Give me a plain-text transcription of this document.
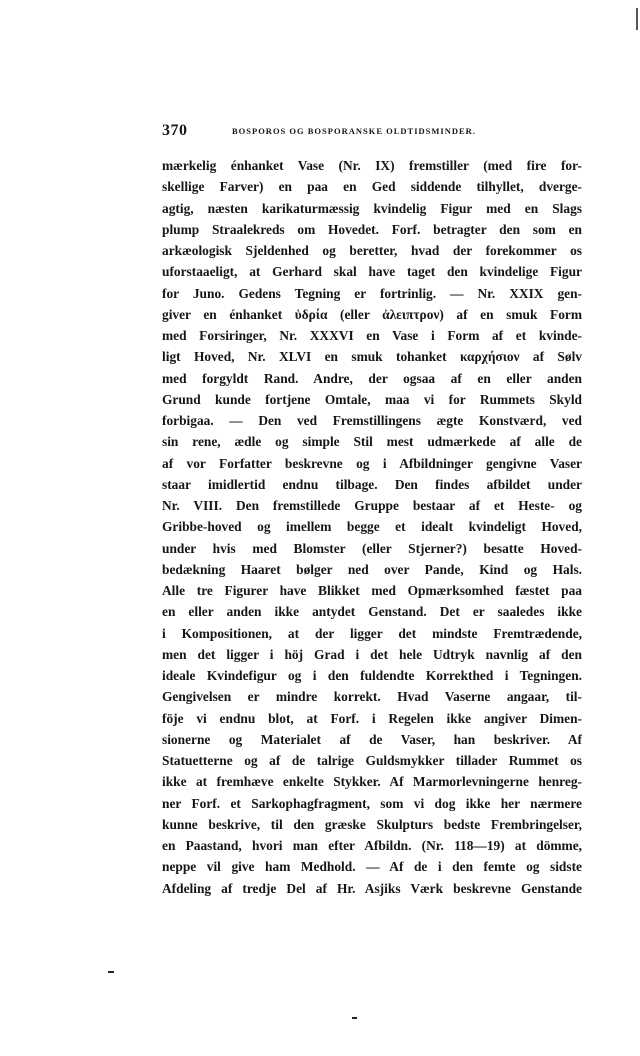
370	BOSPOROS OG BOSPORANSKE OLDTIDSMINDER.
mærkelig énhanket Vase (Nr. IX) fremstiller (med fire for-
skellige Farver) en paa en Ged siddende tilhyllet, dverge-
agtig, næsten karikaturmæssig kvindelig Figur med en Slags
plump Straalekreds om Hovedet. Forf. betragter den som en
arkæologisk Sjeldenhed og beretter, hvad der forekommer os
uforstaaeligt, at Gerhard skal have taget den kvindelige Figur
for Juno. Gedens Tegning er fortrinlig. — Nr. XXIX gen-
giver en énhanket ὑδρία (eller ἀλειπτρον) af en smuk Form
med Forsiringer, Nr. XXXVI en Vase i Form af et kvinde-
ligt Hoved, Nr. XLVI en smuk tohanket καρχήσιον af Sølv
med forgyldt Rand. Andre, der ogsaa af en eller anden
Grund kunde fortjene Omtale, maa vi for Rummets Skyld
forbigaa. — Den ved Fremstillingens ægte Konstværd, ved
sin rene, ædle og simple Stil mest udmærkede af alle de
af vor Forfatter beskrevne og i Afbildninger gengivne Vaser
staar imidlertid endnu tilbage. Den findes afbildet under
Nr. VIII. Den fremstillede Gruppe bestaar af et Heste- og
Gribbe-hoved og imellem begge et idealt kvindeligt Hoved,
under hvis med Blomster (eller Stjerner?) besatte Hoved-
bedækning Haaret bølger ned over Pande, Kind og Hals.
Alle tre Figurer have Blikket med Opmærksomhed fæstet paa
en eller anden ikke antydet Genstand. Det er saaledes ikke
i Kompositionen, at der ligger det mindste Fremtrædende,
men det ligger i höj Grad i det hele Udtryk navnlig af den
ideale Kvindefigur og i den fuldendte Korrekthed i Tegningen.
Gengivelsen er mindre korrekt. Hvad Vaserne angaar, til-
föje vi endnu blot, at Forf. i Regelen ikke angiver Dimen-
sionerne og Materialet af de Vaser, han beskriver. Af
Statuetterne og af de talrige Guldsmykker tillader Rummet os
ikke at fremhæve enkelte Stykker. Af Marmorlevningerne henreg-
ner Forf. et Sarkophagfragment, som vi dog ikke her nærmere
kunne beskrive, til den græske Skulpturs bedste Frembringelser,
en Paastand, hvori man efter Afbildn. (Nr. 118—19) at dömme,
neppe vil give ham Medhold. — Af de i den femte og sidste
Afdeling af tredje Del af Hr. Asjiks Værk beskrevne Genstande
